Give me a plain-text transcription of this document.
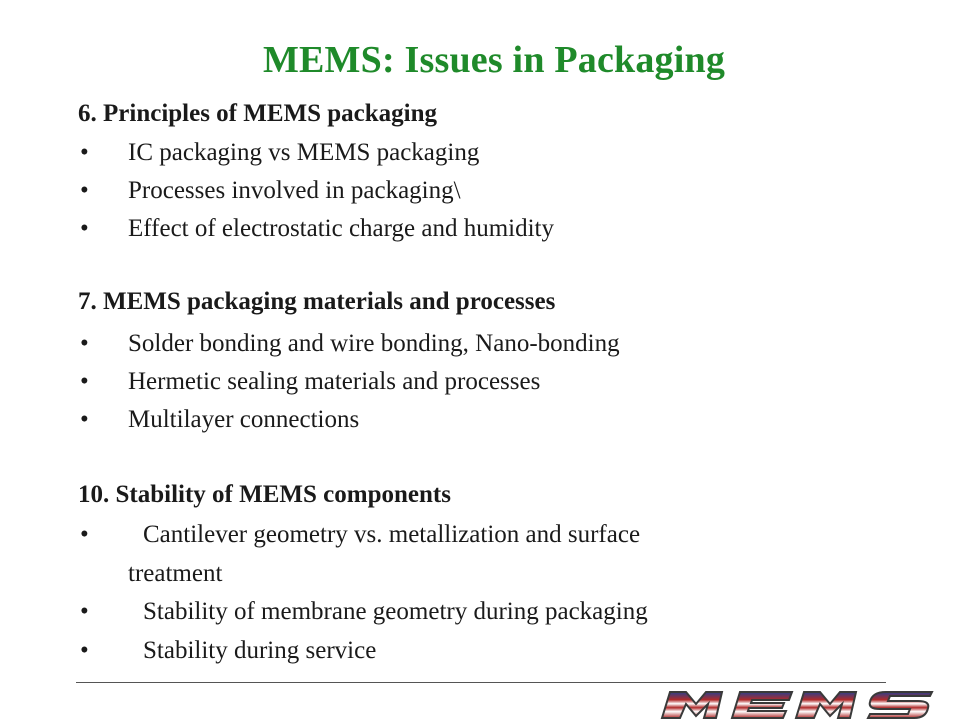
MEMS: Issues in Packaging
6. Principles of MEMS packaging
• IC packaging vs MEMS packaging
• Processes involved in packaging\
• Effect of electrostatic charge and humidity
7. MEMS packaging materials and processes
• Solder bonding and wire bonding, Nano-bonding
• Hermetic sealing materials and processes
• Multilayer connections
10. Stability of MEMS components
• Cantilever geometry vs. metallization and surface
treatment
• Stability of membrane geometry during packaging
• Stability during service
